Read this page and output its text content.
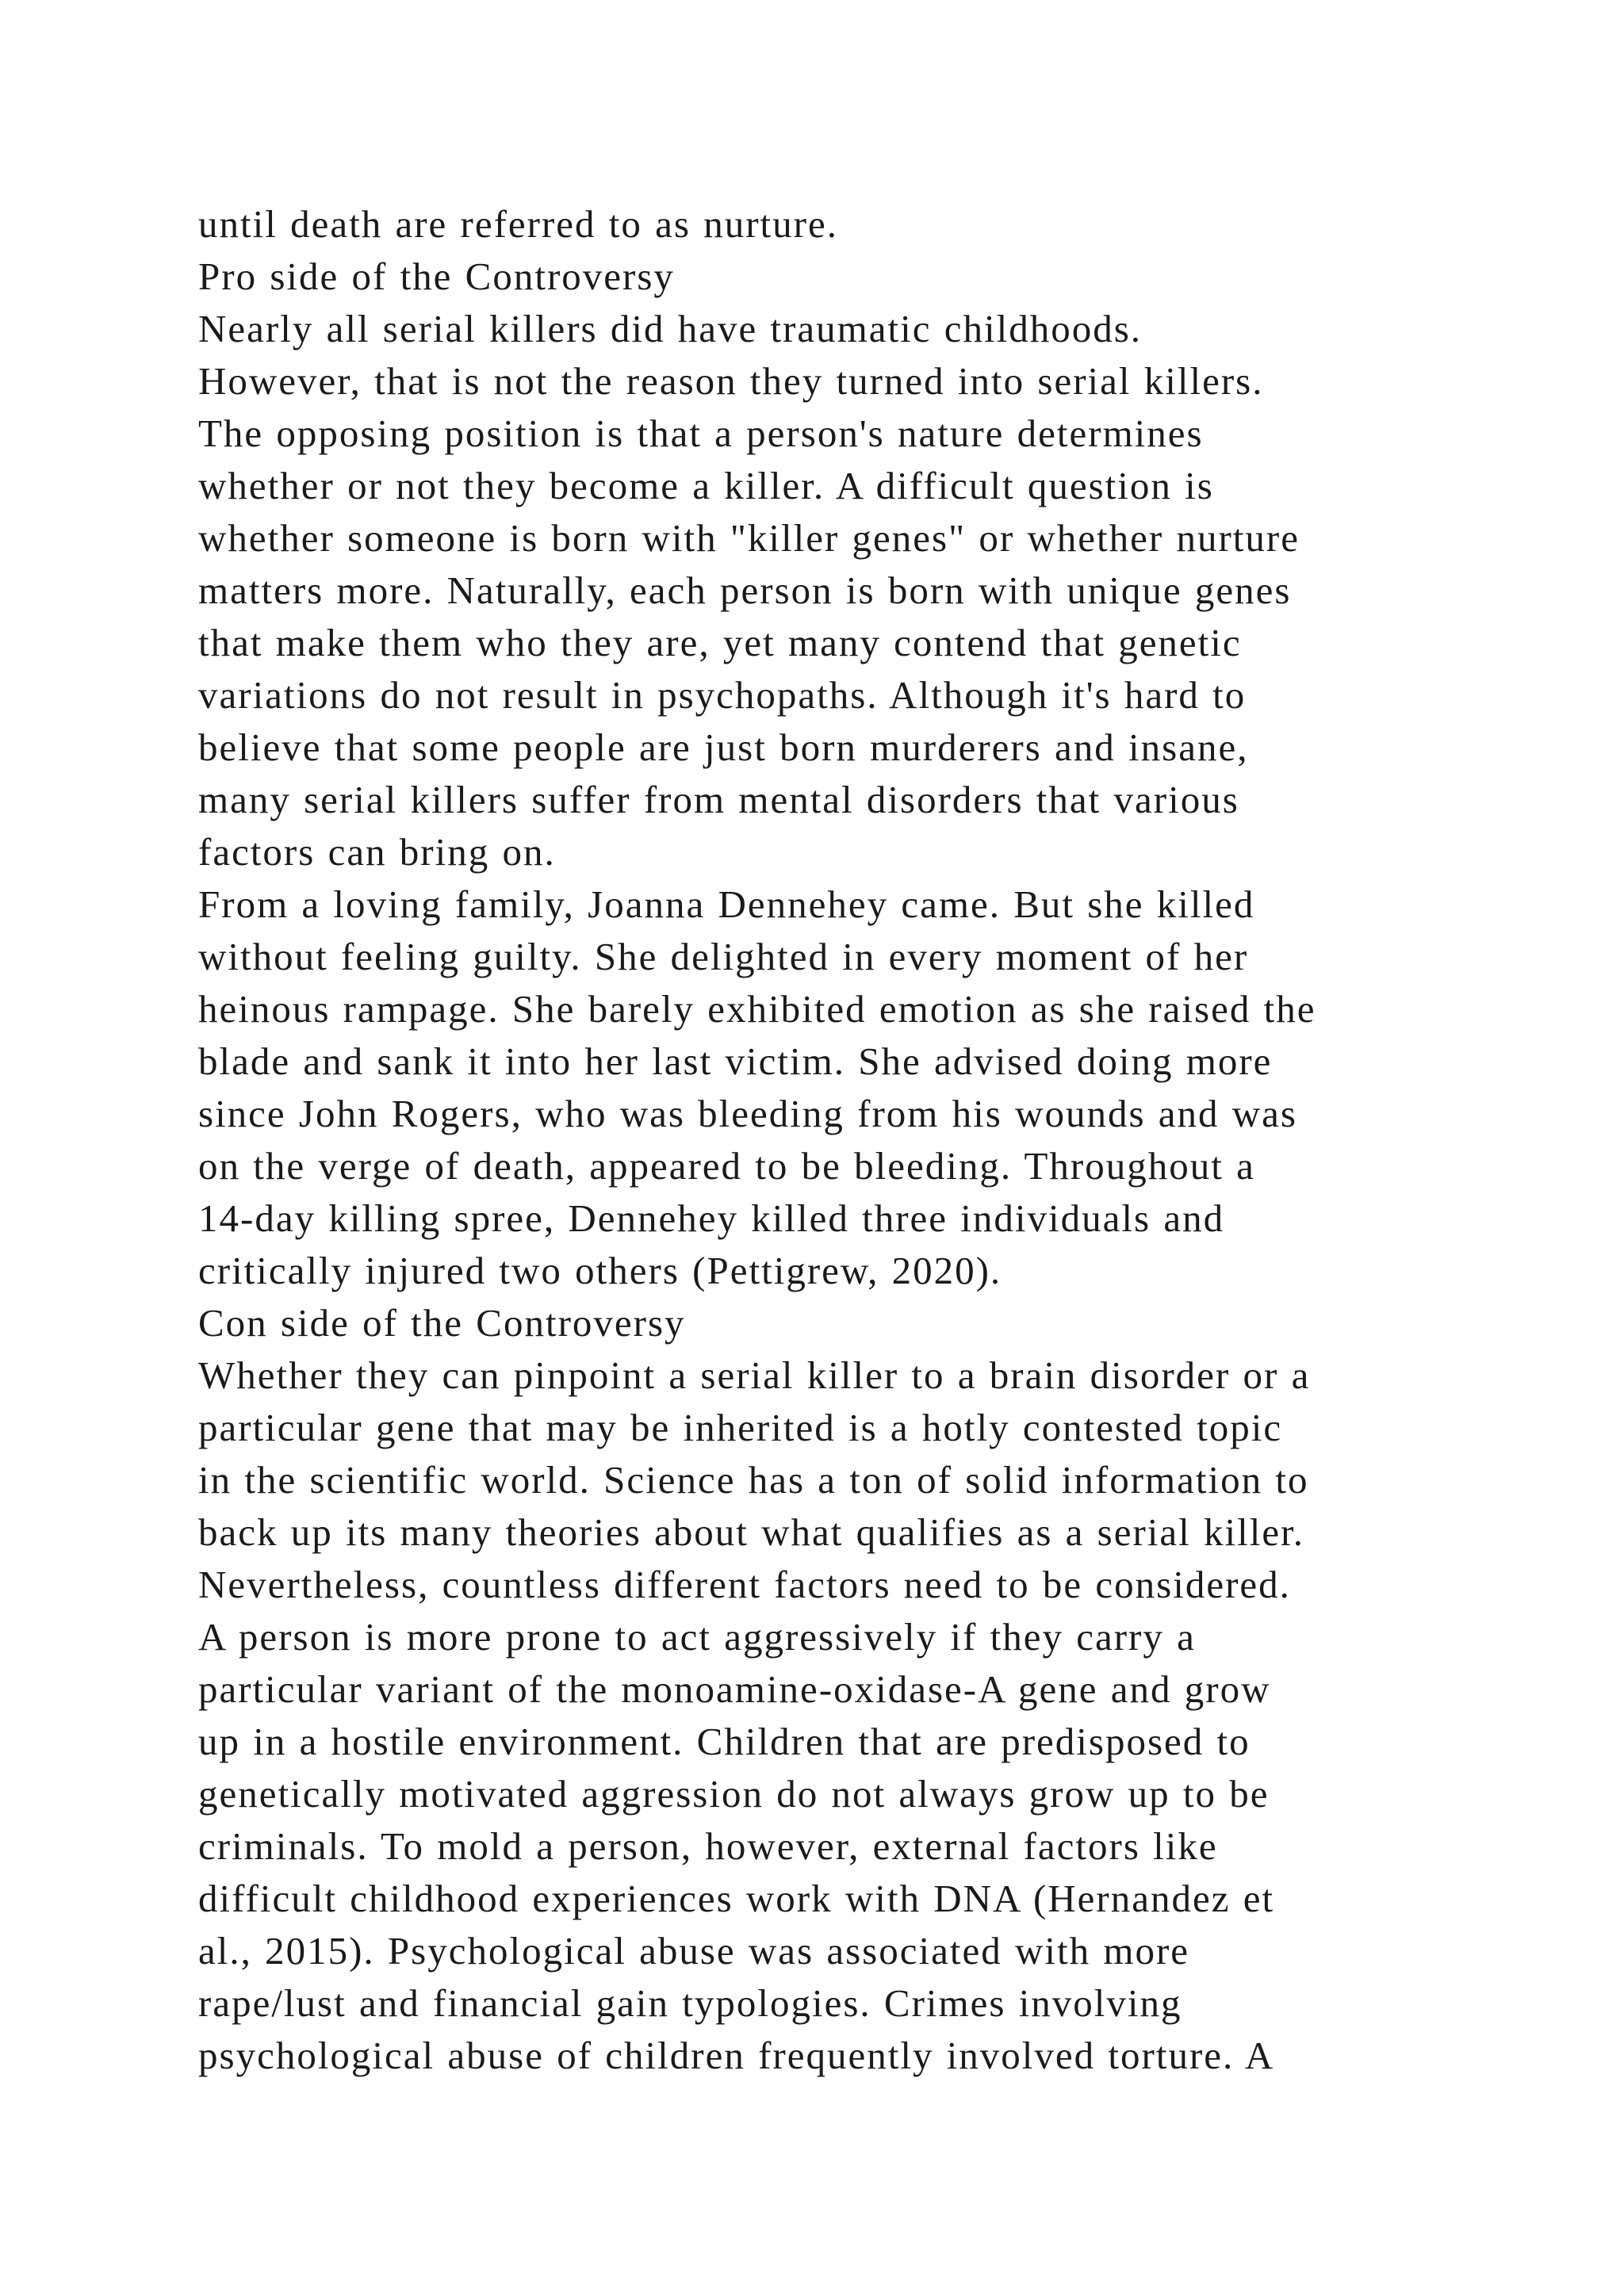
until death are referred to as nurture.
Pro side of the Controversy
Nearly all serial killers did have traumatic childhoods.
However, that is not the reason they turned into serial killers.
The opposing position is that a person's nature determines
whether or not they become a killer. A difficult question is
whether someone is born with "killer genes" or whether nurture
matters more. Naturally, each person is born with unique genes
that make them who they are, yet many contend that genetic
variations do not result in psychopaths. Although it's hard to
believe that some people are just born murderers and insane,
many serial killers suffer from mental disorders that various
factors can bring on.
From a loving family, Joanna Dennehey came. But she killed
without feeling guilty. She delighted in every moment of her
heinous rampage. She barely exhibited emotion as she raised the
blade and sank it into her last victim. She advised doing more
since John Rogers, who was bleeding from his wounds and was
on the verge of death, appeared to be bleeding. Throughout a
14-day killing spree, Dennehey killed three individuals and
critically injured two others (Pettigrew, 2020).
Con side of the Controversy
Whether they can pinpoint a serial killer to a brain disorder or a
particular gene that may be inherited is a hotly contested topic
in the scientific world. Science has a ton of solid information to
back up its many theories about what qualifies as a serial killer.
Nevertheless, countless different factors need to be considered.
A person is more prone to act aggressively if they carry a
particular variant of the monoamine-oxidase-A gene and grow
up in a hostile environment. Children that are predisposed to
genetically motivated aggression do not always grow up to be
criminals. To mold a person, however, external factors like
difficult childhood experiences work with DNA (Hernandez et
al., 2015). Psychological abuse was associated with more
rape/lust and financial gain typologies. Crimes involving
psychological abuse of children frequently involved torture. A
